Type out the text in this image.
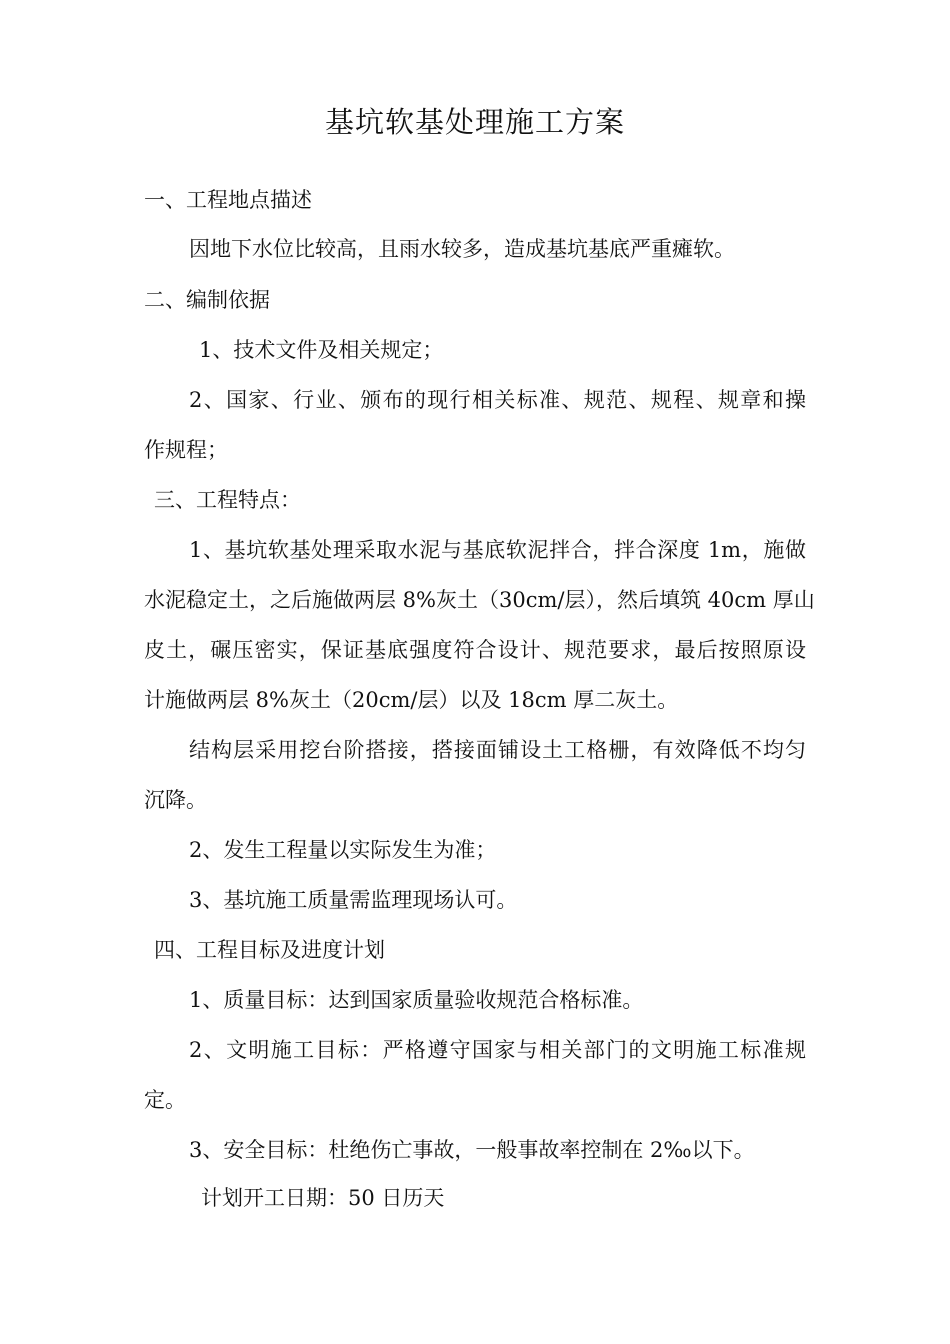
基坑软基处理施工方案
一、工程地点描述
因地下水位比较高，且雨水较多，造成基坑基底严重瘫软。
二、编制依据
1、技术文件及相关规定；
2、国家、行业、颁布的现行相关标准、规范、规程、规章和操
作规程；
三、工程特点：
1、基坑软基处理采取水泥与基底软泥拌合，拌合深度 1m，施做
水泥稳定土，之后施做两层 8%灰土（30cm/层），然后填筑 40cm 厚山
皮土，碾压密实，保证基底强度符合设计、规范要求，最后按照原设
计施做两层 8%灰土（20cm/层）以及 18cm 厚二灰土。
结构层采用挖台阶搭接，搭接面铺设土工格栅，有效降低不均匀
沉降。
2、发生工程量以实际发生为准；
3、基坑施工质量需监理现场认可。
四、工程目标及进度计划
1、质量目标：达到国家质量验收规范合格标准。
2、文明施工目标：严格遵守国家与相关部门的文明施工标准规
定。
3、安全目标：杜绝伤亡事故，一般事故率控制在 2‰以下。
计划开工日期：50 日历天
